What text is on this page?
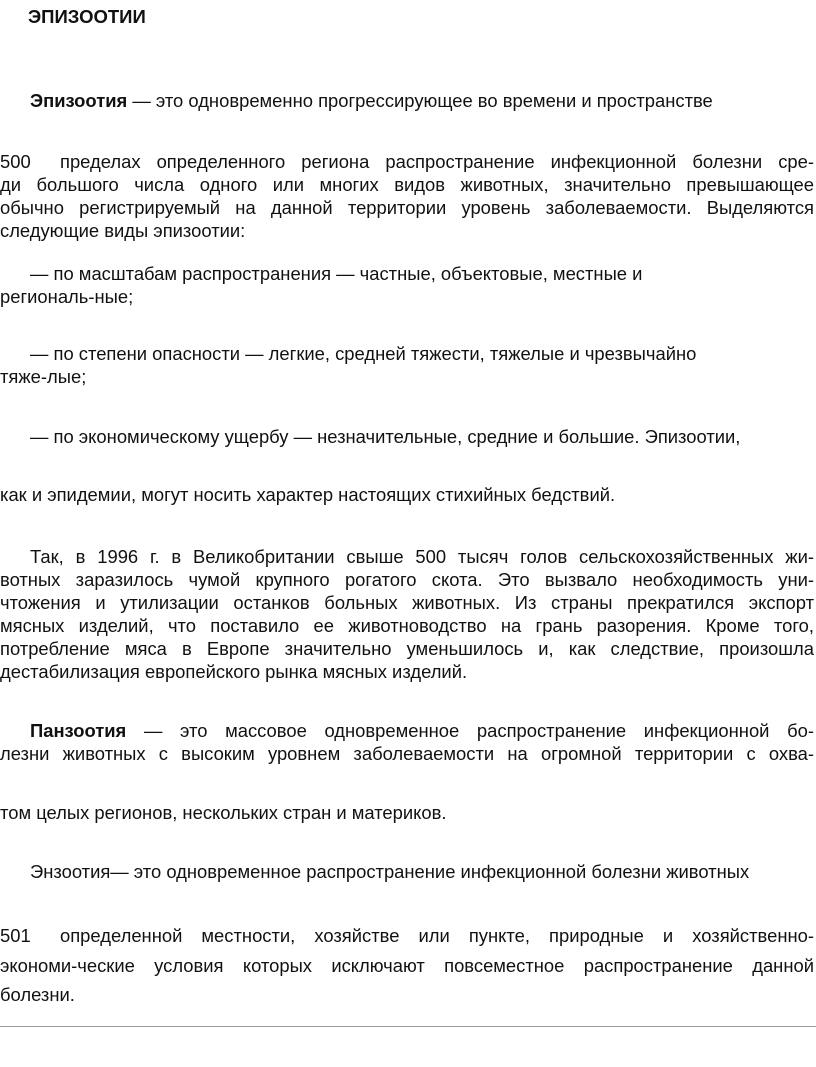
ЭПИЗООТИИ
Эпизоотия — это одновременно прогрессирующее во времени и пространстве
500 пределах определенного региона распространение инфекционной болезни сре-
ди большого числа одного или многих видов животных, значительно превышающее
обычно регистрируемый на данной территории уровень заболеваемости. Выделяются
следующие виды эпизоотии:
— по масштабам распространения — частные, объектовые, местные и
региональ-ные;
— по степени опасности — легкие, средней тяжести, тяжелые и чрезвычайно
тяже-лые;
— по экономическому ущербу — незначительные, средние и большие. Эпизоотии,
как и эпидемии, могут носить характер настоящих стихийных бедствий.
Так, в 1996 г. в Великобритании свыше 500 тысяч голов сельскохозяйственных жи-
вотных заразилось чумой крупного рогатого скота. Это вызвало необходимость уни-
чтожения и утилизации останков больных животных. Из страны прекратился экспорт
мясных изделий, что поставило ее животноводство на грань разорения. Кроме того,
потребление мяса в Европе значительно уменьшилось и, как следствие, произошла
дестабилизация европейского рынка мясных изделий.
Панзоотия — это массовое одновременное распространение инфекционной бо-
лезни животных с высоким уровнем заболеваемости на огромной территории с охва-
том целых регионов, нескольких стран и материков.
Энзоотия— это одновременное распространение инфекционной болезни животных
501 определенной местности, хозяйстве или пункте, природные и хозяйственно-
экономи-ческие условия которых исключают повсеместное распространение данной
болезни.
